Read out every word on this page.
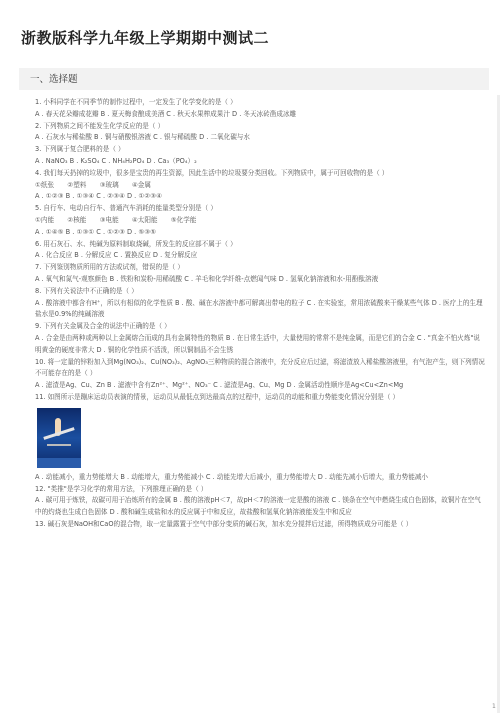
浙教版科学九年级上学期期中测试二
一、选择题
1. 小科同学在不同季节的制作过程中，一定发生了化学变化的是（ ）
A . 春天花朵瓣成花瓣 B . 夏天梅食酿成美酒 C . 秋天水果榨成果汁 D . 冬天冰砖凿成冰雕
2. 下列物质之间不能发生化学反应的是（ ）
A . 石灰水与稀盐酸 B . 铜与硝酸银溶液 C . 银与稀硫酸 D . 二氧化碳与水
3. 下列属于复合肥料的是（ ）
A . NaNO₃ B . K₂SO₄ C . NH₄H₂PO₄ D . Ca₃（PO₄）₂
4. 我们每天扔掉的垃圾中，很多是宝贵的再生资源，因此生活中的垃圾要分类回收。下列物质中，属于可回收物的是（ ）
①纸张　　②塑料　　③玻璃　　④金属
A . ①②③ B . ①③④ C . ②③④ D . ①②③④
5. 自行车、电动自行车、普通汽车消耗的能量类型分别是（ ）
①内能　　②核能　　③电能　　④太阳能　　⑤化学能
A . ①④⑤ B . ①③① C . ①②③ D . ⑤③⑤
6. 用石灰石、水、纯碱为原料制取烧碱，所发生的反应部不属于（ ）
A . 化合反应 B . 分解反应 C . 置换反应 D . 复分解反应
7. 下列鉴别物质所用的方法或试剂，错误的是（ ）
A . 氧气和氮气-观察颜色 B . 铁粉和炭粉-用稀硫酸 C . 羊毛和化学纤维-点燃闻气味 D . 氢氧化钠溶液和水-用酚酞溶液
8. 下列有关说法中不正确的是（ ）
A . 酸溶液中都含有H⁺，所以有相似的化学性质 B . 酸、碱在水溶液中都可解离出带电的粒子 C . 在实验室，常用浓硫酸来干燥某些气体 D . 医疗上的生理盐水是0.9%的纯碱溶液
9. 下列有关金属及合金的说法中正确的是（ ）
A . 合金是由两种或两种以上金属熔合而成的具有金属特性的物质 B . 在日常生活中，大量使用的常常不是纯金属，而是它们的合金 C . "真金不怕火炼"说明黄金的硬度非常大 D . 铜的化学性质不活泼，所以铜制品不会生锈
10. 将一定量的锌粉加入到Mg(NO₃)₂、Cu(NO₃)₂、AgNO₃三种物质的混合溶液中，充分反应后过滤，将滤渣放入稀盐酸溶液里，有气泡产生，则下列情况不可能存在的是（ ）
A . 滤渣是Ag、Cu、Zn B . 滤液中含有Zn²⁺、Mg²⁺、NO₃⁻ C . 滤渣是Ag、Cu、Mg D . 金属活动性顺序是Ag<Cu<Zn<Mg
11. 如图所示是蹦床运动员表演的情景，运动员从最低点到达最高点的过程中，运动员的动能和重力势能变化情况分别是（ ）
A . 动能减小，重力势能增大 B . 动能增大，重力势能减小 C . 动能先增大后减小，重力势能增大 D . 动能先减小后增大，重力势能减小
12. "类推"是学习化学的常用方法，下列推理正确的是（ ）
A . 碳可用于炼铁，故碳可用于冶炼所有的金属 B . 酸的溶液pH＜7，故pH＜7的溶液一定是酸的溶液 C . 镁条在空气中燃烧生成白色固体，故铜片在空气中的灼烧也生成白色固体 D . 酸和碱生成盐和水的反应属于中和反应，故盐酸和氢氧化钠溶液能发生中和反应
13. 碱石灰是NaOH和CaO的混合物，取一定量露置于空气中部分变质的碱石灰，加水充分搅拌后过滤，所得物质成分可能是（ ）
1
